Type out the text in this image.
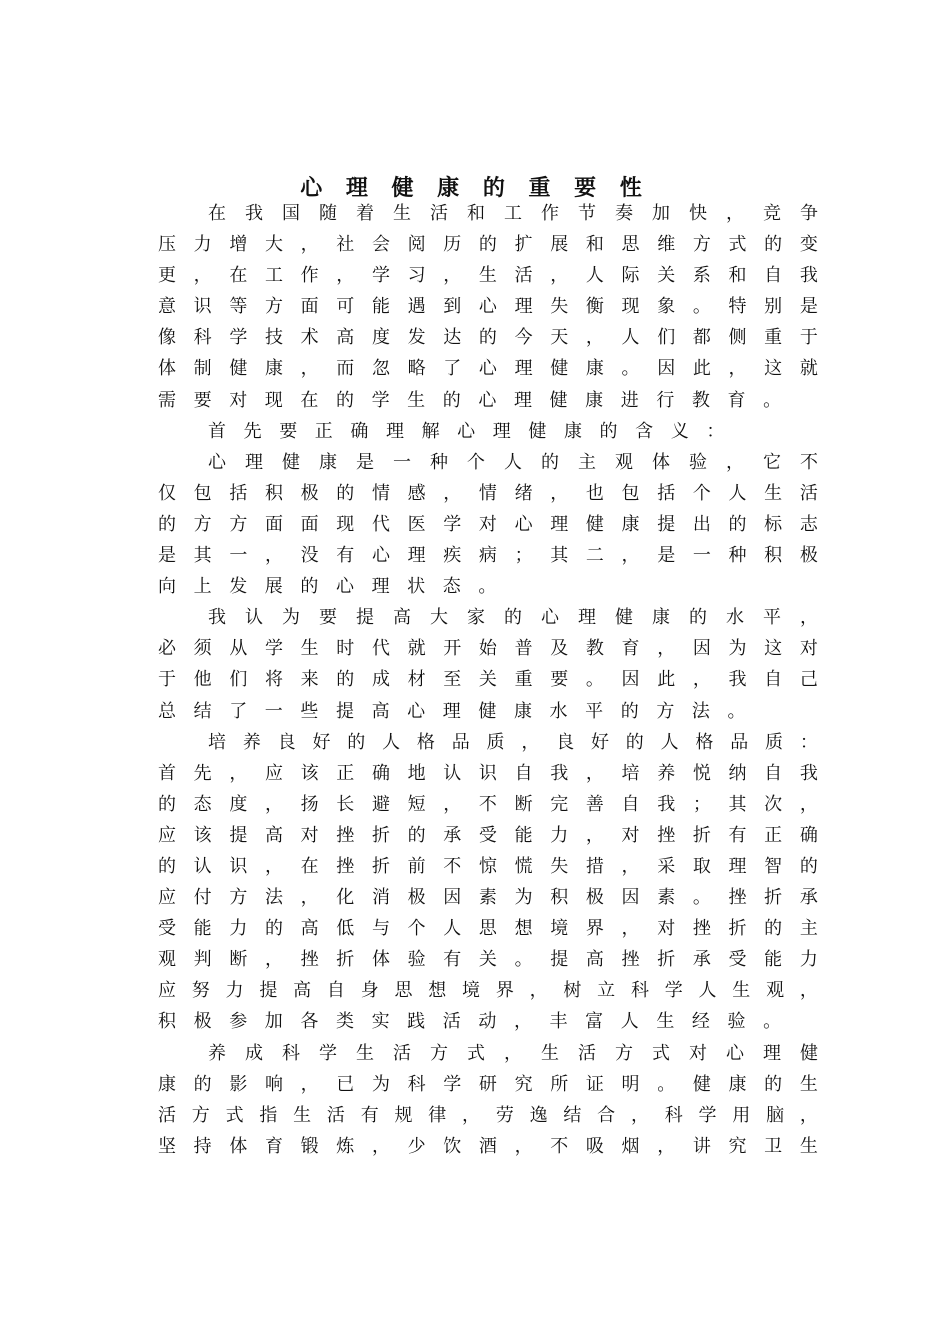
心 理 健 康 的 重 要 性
在 我 国 随 着 生 活 和 工 作 节 奏 加 快 ， 竞 争
压 力 增 大 ， 社 会 阅 历 的 扩 展 和 思 维 方 式 的 变
更 ， 在 工 作 ， 学 习 ， 生 活 ， 人 际 关 系 和 自 我
意 识 等 方 面 可 能 遇 到 心 理 失 衡 现 象 。 特 别 是
像 科 学 技 术 高 度 发 达 的 今 天 ， 人 们 都 侧 重 于
体 制 健 康 ， 而 忽 略 了 心 理 健 康 。 因 此 ， 这 就
需 要 对 现 在 的 学 生 的 心 理 健 康 进 行 教 育 。
首 先 要 正 确 理 解 心 理 健 康 的 含 义 ：
心 理 健 康 是 一 种 个 人 的 主 观 体 验 ， 它 不
仅 包 括 积 极 的 情 感 ， 情 绪 ， 也 包 括 个 人 生 活
的 方 方 面 面 现 代 医 学 对 心 理 健 康 提 出 的 标 志
是 其 一 ， 没 有 心 理 疾 病 ； 其 二 ， 是 一 种 积 极
向 上 发 展 的 心 理 状 态 。
我 认 为 要 提 高 大 家 的 心 理 健 康 的 水 平 ，
必 须 从 学 生 时 代 就 开 始 普 及 教 育 ， 因 为 这 对
于 他 们 将 来 的 成 材 至 关 重 要 。 因 此 ， 我 自 己
总 结 了 一 些 提 高 心 理 健 康 水 平 的 方 法 。
培 养 良 好 的 人 格 品 质 ， 良 好 的 人 格 品 质 ：
首 先 ， 应 该 正 确 地 认 识 自 我 ， 培 养 悦 纳 自 我
的 态 度 ， 扬 长 避 短 ， 不 断 完 善 自 我 ； 其 次 ，
应 该 提 高 对 挫 折 的 承 受 能 力 ， 对 挫 折 有 正 确
的 认 识 ， 在 挫 折 前 不 惊 慌 失 措 ， 采 取 理 智 的
应 付 方 法 ， 化 消 极 因 素 为 积 极 因 素 。 挫 折 承
受 能 力 的 高 低 与 个 人 思 想 境 界 ， 对 挫 折 的 主
观 判 断 ， 挫 折 体 验 有 关 。 提 高 挫 折 承 受 能 力
应 努 力 提 高 自 身 思 想 境 界 ， 树 立 科 学 人 生 观 ，
积 极 参 加 各 类 实 践 活 动 ， 丰 富 人 生 经 验 。
养 成 科 学 生 活 方 式 ， 生 活 方 式 对 心 理 健
康 的 影 响 ， 已 为 科 学 研 究 所 证 明 。 健 康 的 生
活 方 式 指 生 活 有 规 律 ， 劳 逸 结 合 ， 科 学 用 脑 ，
坚 持 体 育 锻 炼 ， 少 饮 酒 ， 不 吸 烟 ， 讲 究 卫 生
